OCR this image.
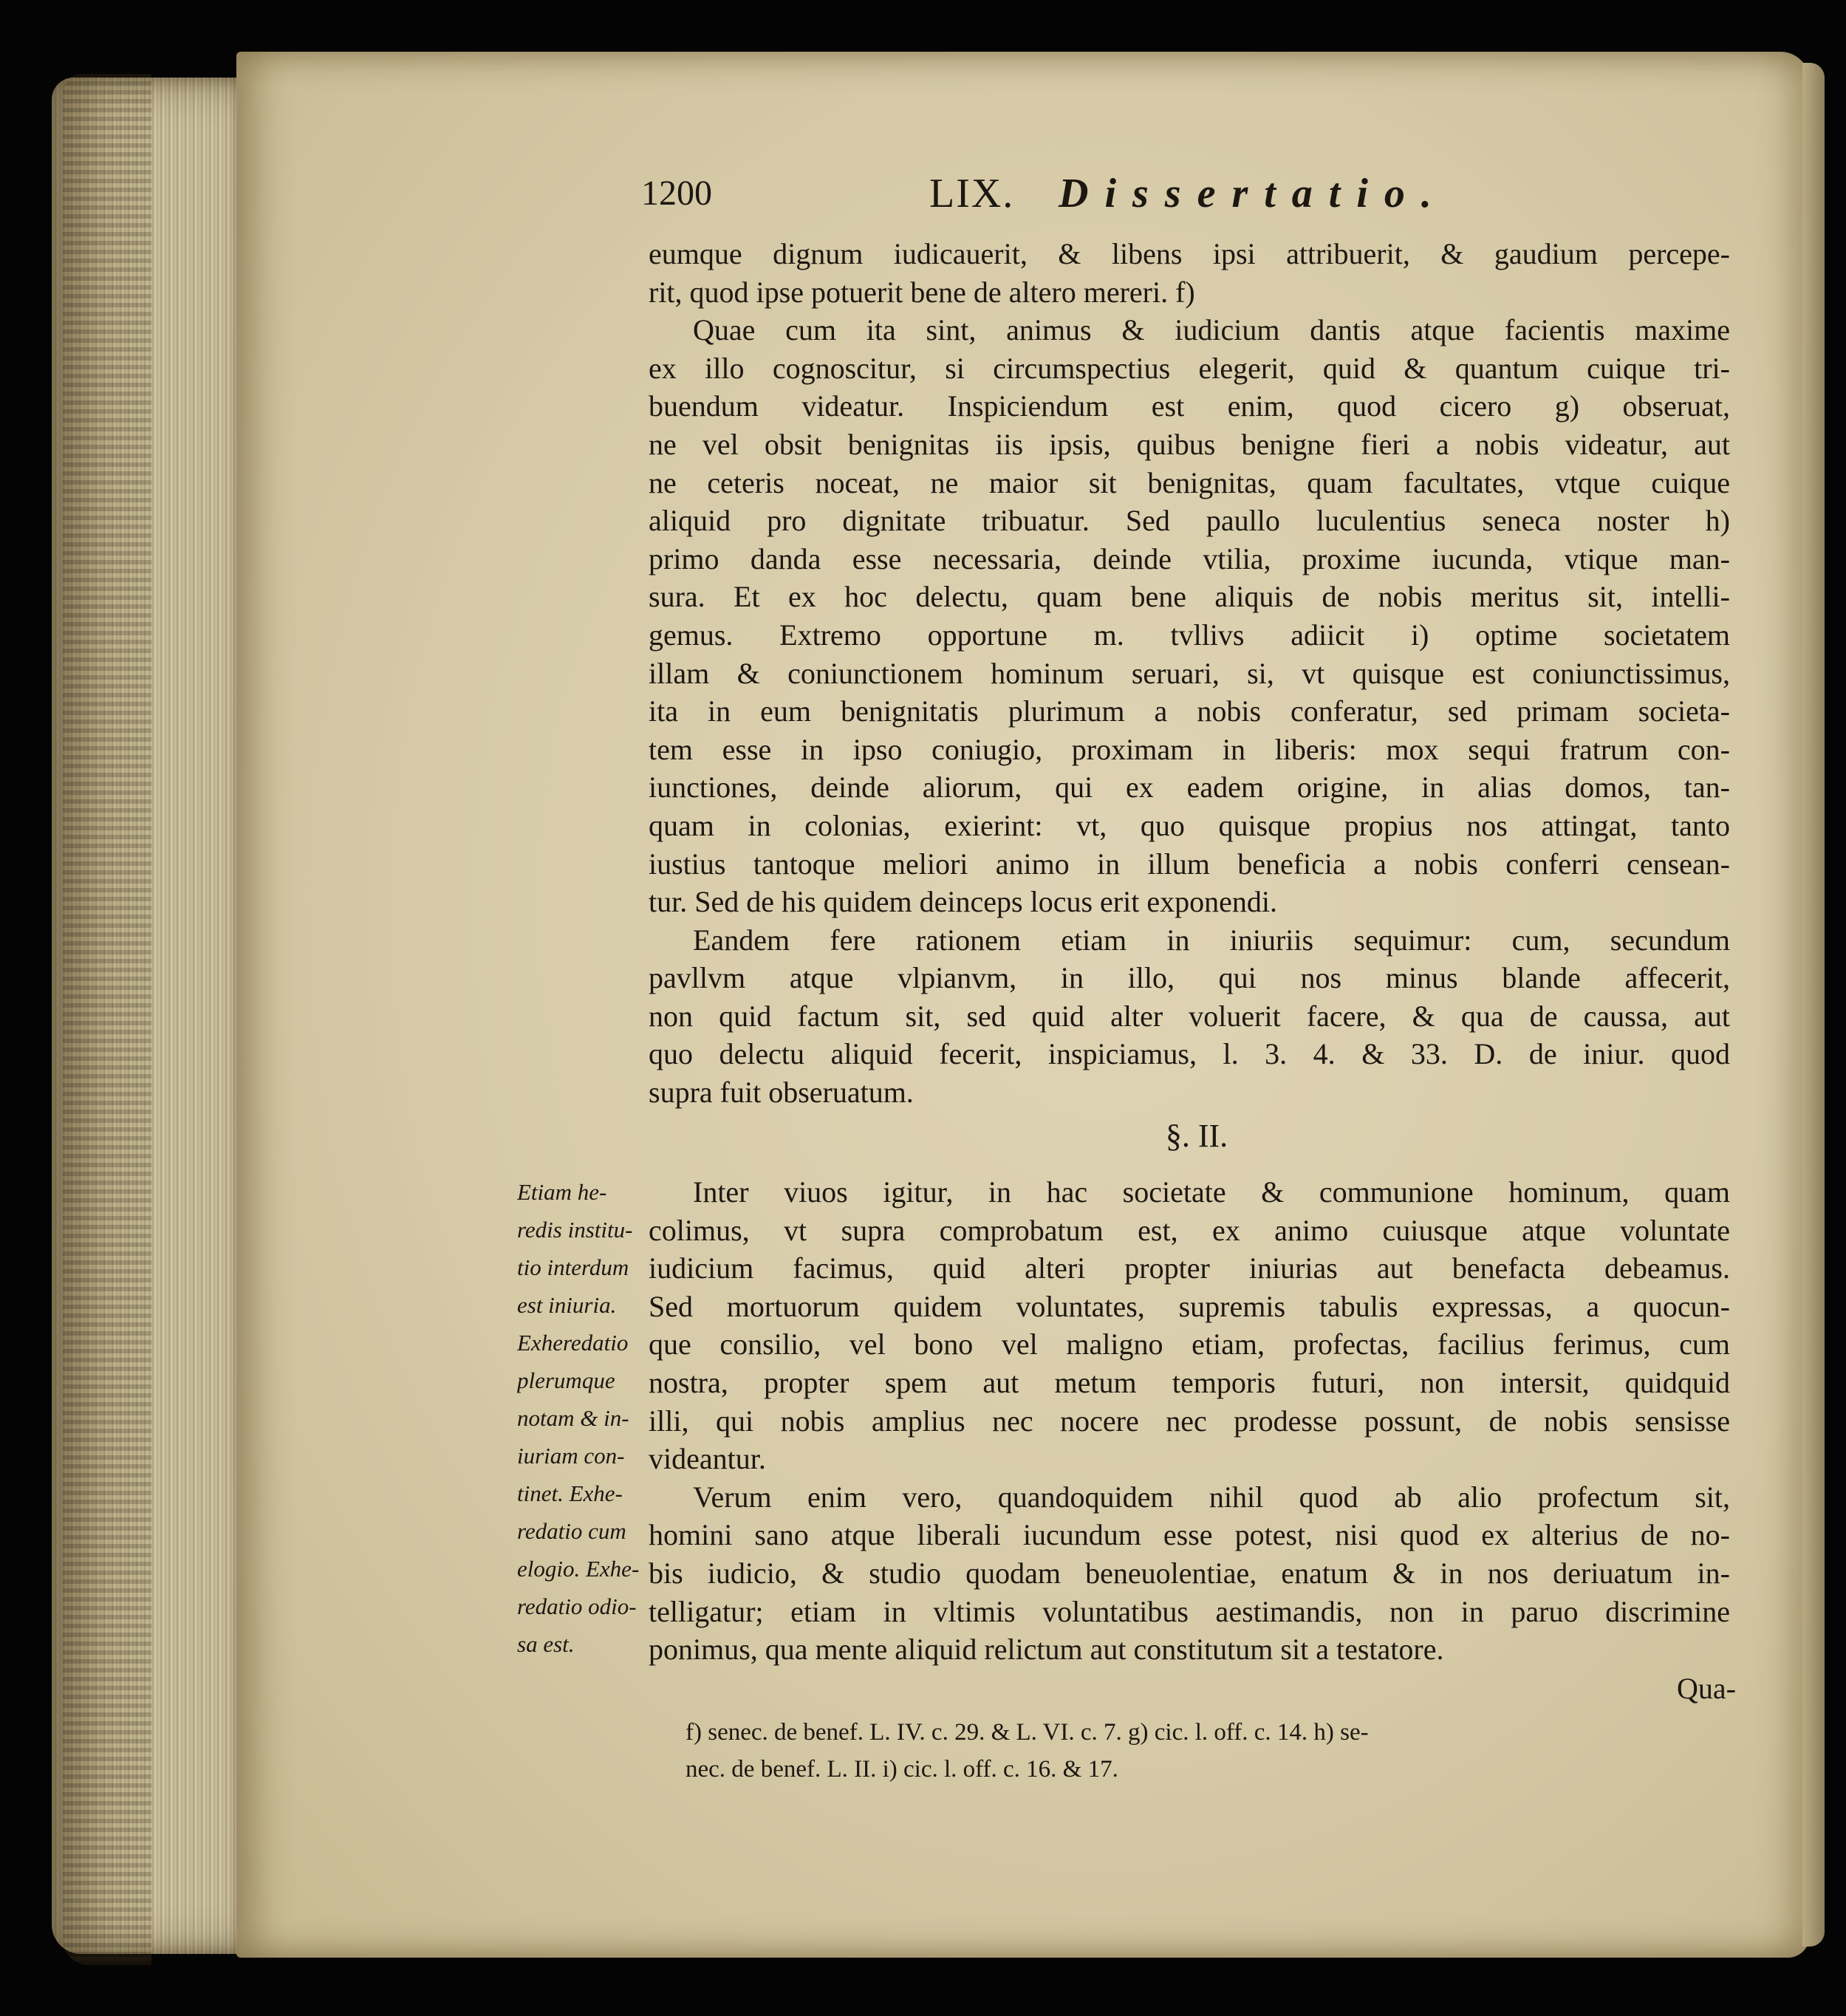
1200	LIX. Dissertatio.
eumque dignum iudicauerit, & libens ipsi attribuerit, & gaudium percepe-
rit, quod ipse potuerit bene de altero mereri. f)
Quae cum ita sint, animus & iudicium dantis atque facientis maxime
ex illo cognoscitur, si circumspectius elegerit, quid & quantum cuique tri-
buendum videatur. Inspiciendum est enim, quod cicero g) obseruat,
ne vel obsit benignitas iis ipsis, quibus benigne fieri a nobis videatur, aut
ne ceteris noceat, ne maior sit benignitas, quam facultates, vtque cuique
aliquid pro dignitate tribuatur. Sed paullo luculentius seneca noster h)
primo danda esse necessaria, deinde vtilia, proxime iucunda, vtique man-
sura. Et ex hoc delectu, quam bene aliquis de nobis meritus sit, intelli-
gemus. Extremo opportune m. tvllivs adiicit i) optime societatem
illam & coniunctionem hominum seruari, si, vt quisque est coniunctissimus,
ita in eum benignitatis plurimum a nobis conferatur, sed primam societa-
tem esse in ipso coniugio, proximam in liberis: mox sequi fratrum con-
iunctiones, deinde aliorum, qui ex eadem origine, in alias domos, tan-
quam in colonias, exierint: vt, quo quisque propius nos attingat, tanto
iustius tantoque meliori animo in illum beneficia a nobis conferri censean-
tur. Sed de his quidem deinceps locus erit exponendi.
Eandem fere rationem etiam in iniuriis sequimur: cum, secundum
pavllvm atque vlpianvm, in illo, qui nos minus blande affecerit,
non quid factum sit, sed quid alter voluerit facere, & qua de caussa, aut
quo delectu aliquid fecerit, inspiciamus, l. 3. 4. & 33. D. de iniur. quod
supra fuit obseruatum.
§. II.
Etiam he-
redis institu-
tio interdum
est iniuria.
Exheredatio
plerumque
notam & in-
iuriam con-
tinet. Exhe-
redatio cum
elogio. Exhe-
redatio odio-
sa est.
Inter viuos igitur, in hac societate & communione hominum, quam
colimus, vt supra comprobatum est, ex animo cuiusque atque voluntate
iudicium facimus, quid alteri propter iniurias aut benefacta debeamus.
Sed mortuorum quidem voluntates, supremis tabulis expressas, a quocun-
que consilio, vel bono vel maligno etiam, profectas, facilius ferimus, cum
nostra, propter spem aut metum temporis futuri, non intersit, quidquid
illi, qui nobis amplius nec nocere nec prodesse possunt, de nobis sensisse
videantur.
Verum enim vero, quandoquidem nihil quod ab alio profectum sit,
homini sano atque liberali iucundum esse potest, nisi quod ex alterius de no-
bis iudicio, & studio quodam beneuolentiae, enatum & in nos deriuatum in-
telligatur; etiam in vltimis voluntatibus aestimandis, non in paruo discrimine
ponimus, qua mente aliquid relictum aut constitutum sit a testatore.
Qua-
f) senec. de benef. L. IV. c. 29. & L. VI. c. 7. g) cic. l. off. c. 14. h) se-
nec. de benef. L. II. i) cic. l. off. c. 16. & 17.
